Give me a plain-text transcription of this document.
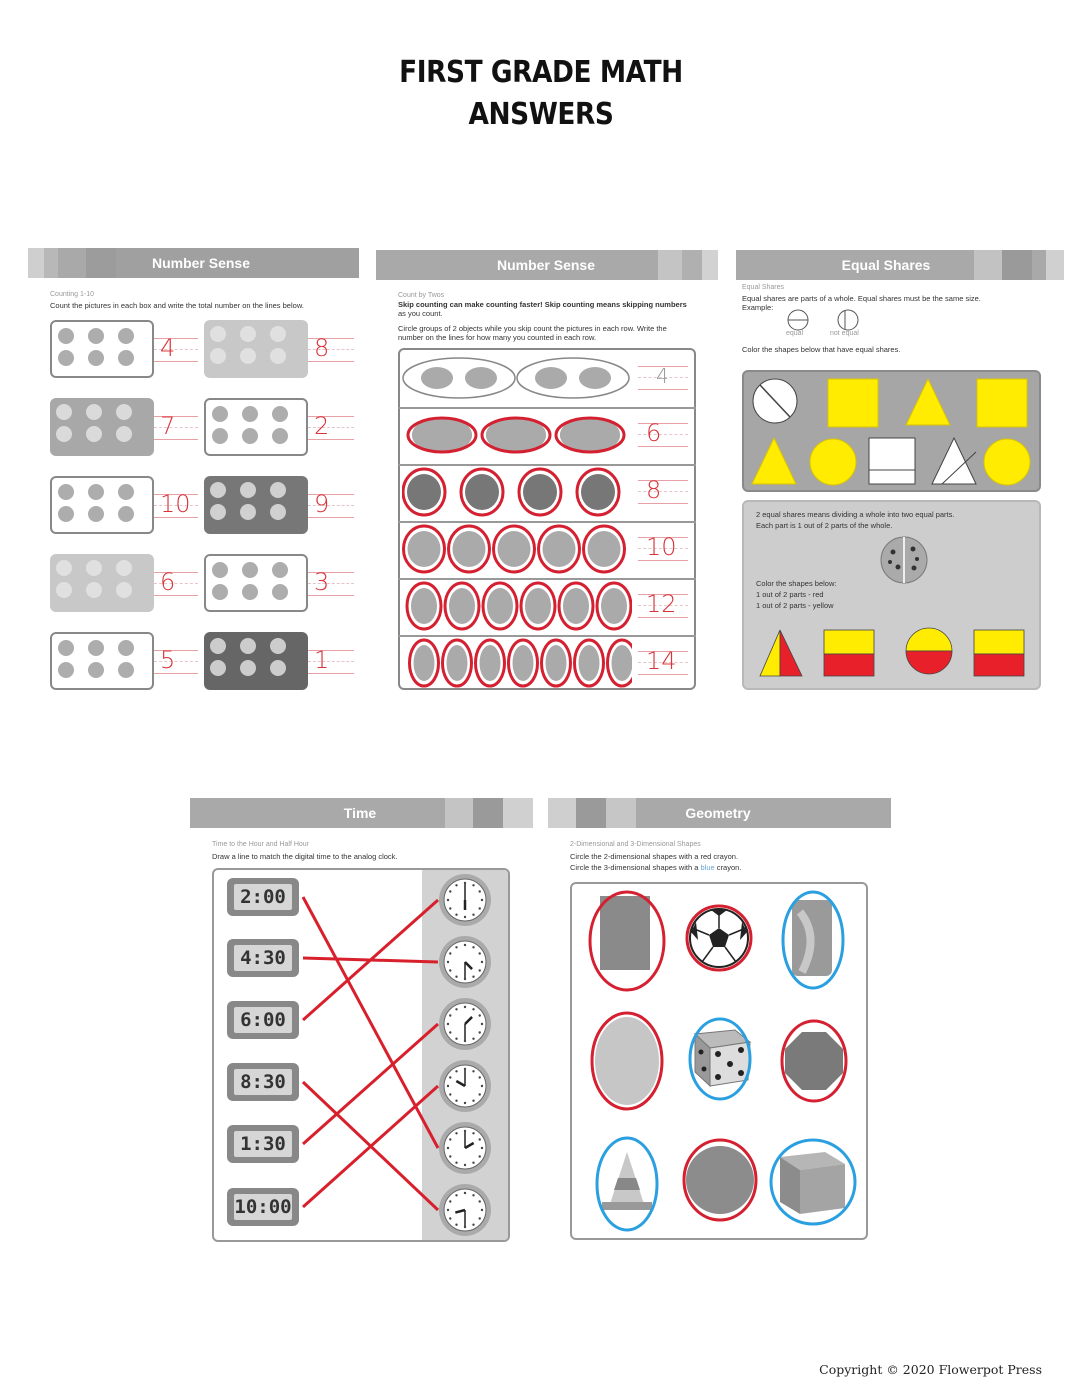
FIRST GRADE MATH
ANSWERS
Number Sense
Counting 1-10
Count the pictures in each box and write the total number on the lines below.
4	8
7	2
10	9
6	3
5	1
Number Sense
Count by Twos
Skip counting can make counting faster! Skip counting means skipping numbers
as you count.
Circle groups of 2 objects while you skip count the pictures in each row. Write the
number on the lines for how many you counted in each row.
4
6
8
10
12
14
Equal Shares
Equal Shares
Equal shares are parts of a whole. Equal shares must be the same size.
Example:
equal	not equal
Color the shapes below that have equal shares.
2 equal shares means dividing a whole into two equal parts.
Each part is 1 out of 2 parts of the whole.
Color the shapes below:
1 out of 2 parts - red
1 out of 2 parts - yellow
Time
Time to the Hour and Half Hour
Draw a line to match the digital time to the analog clock.
2:00
4:30
6:00
8:30
1:30
10:00
Geometry
2-Dimensional and 3-Dimensional Shapes
Circle the 2-dimensional shapes with a red crayon.
Circle the 3-dimensional shapes with a blue crayon.
Copyright © 2020 Flowerpot Press
